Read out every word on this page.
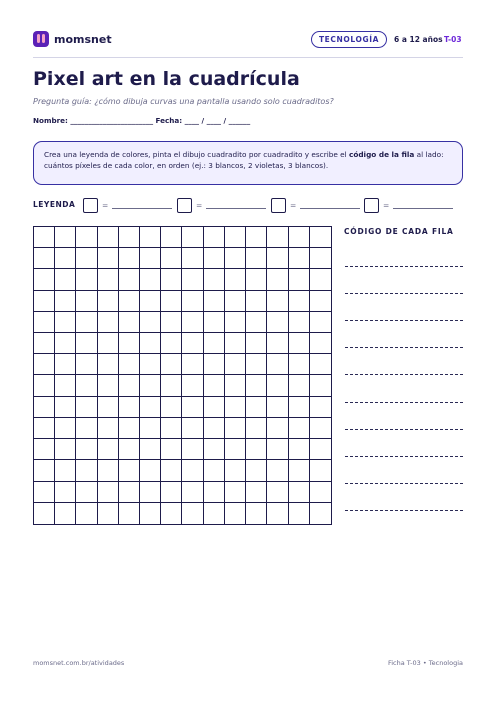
momsnet	TECNOLOGÍA	6 a 12 años T-03
Pixel art en la cuadrícula
Pregunta guía: ¿cómo dibuja curvas una pantalla usando solo cuadraditos?
Nombre: _______________________ Fecha: ____ / ____ / ______
Crea una leyenda de colores, pinta el dibujo cuadradito por cuadradito y escribe el código de la fila al lado: cuántos píxeles de cada color, en orden (ej.: 3 blancos, 2 violetas, 3 blancos).
LEYENDA	=	=	=	=
CÓDIGO DE CADA FILA
momsnet.com.br/atividades	Ficha T-03 • Tecnologia
